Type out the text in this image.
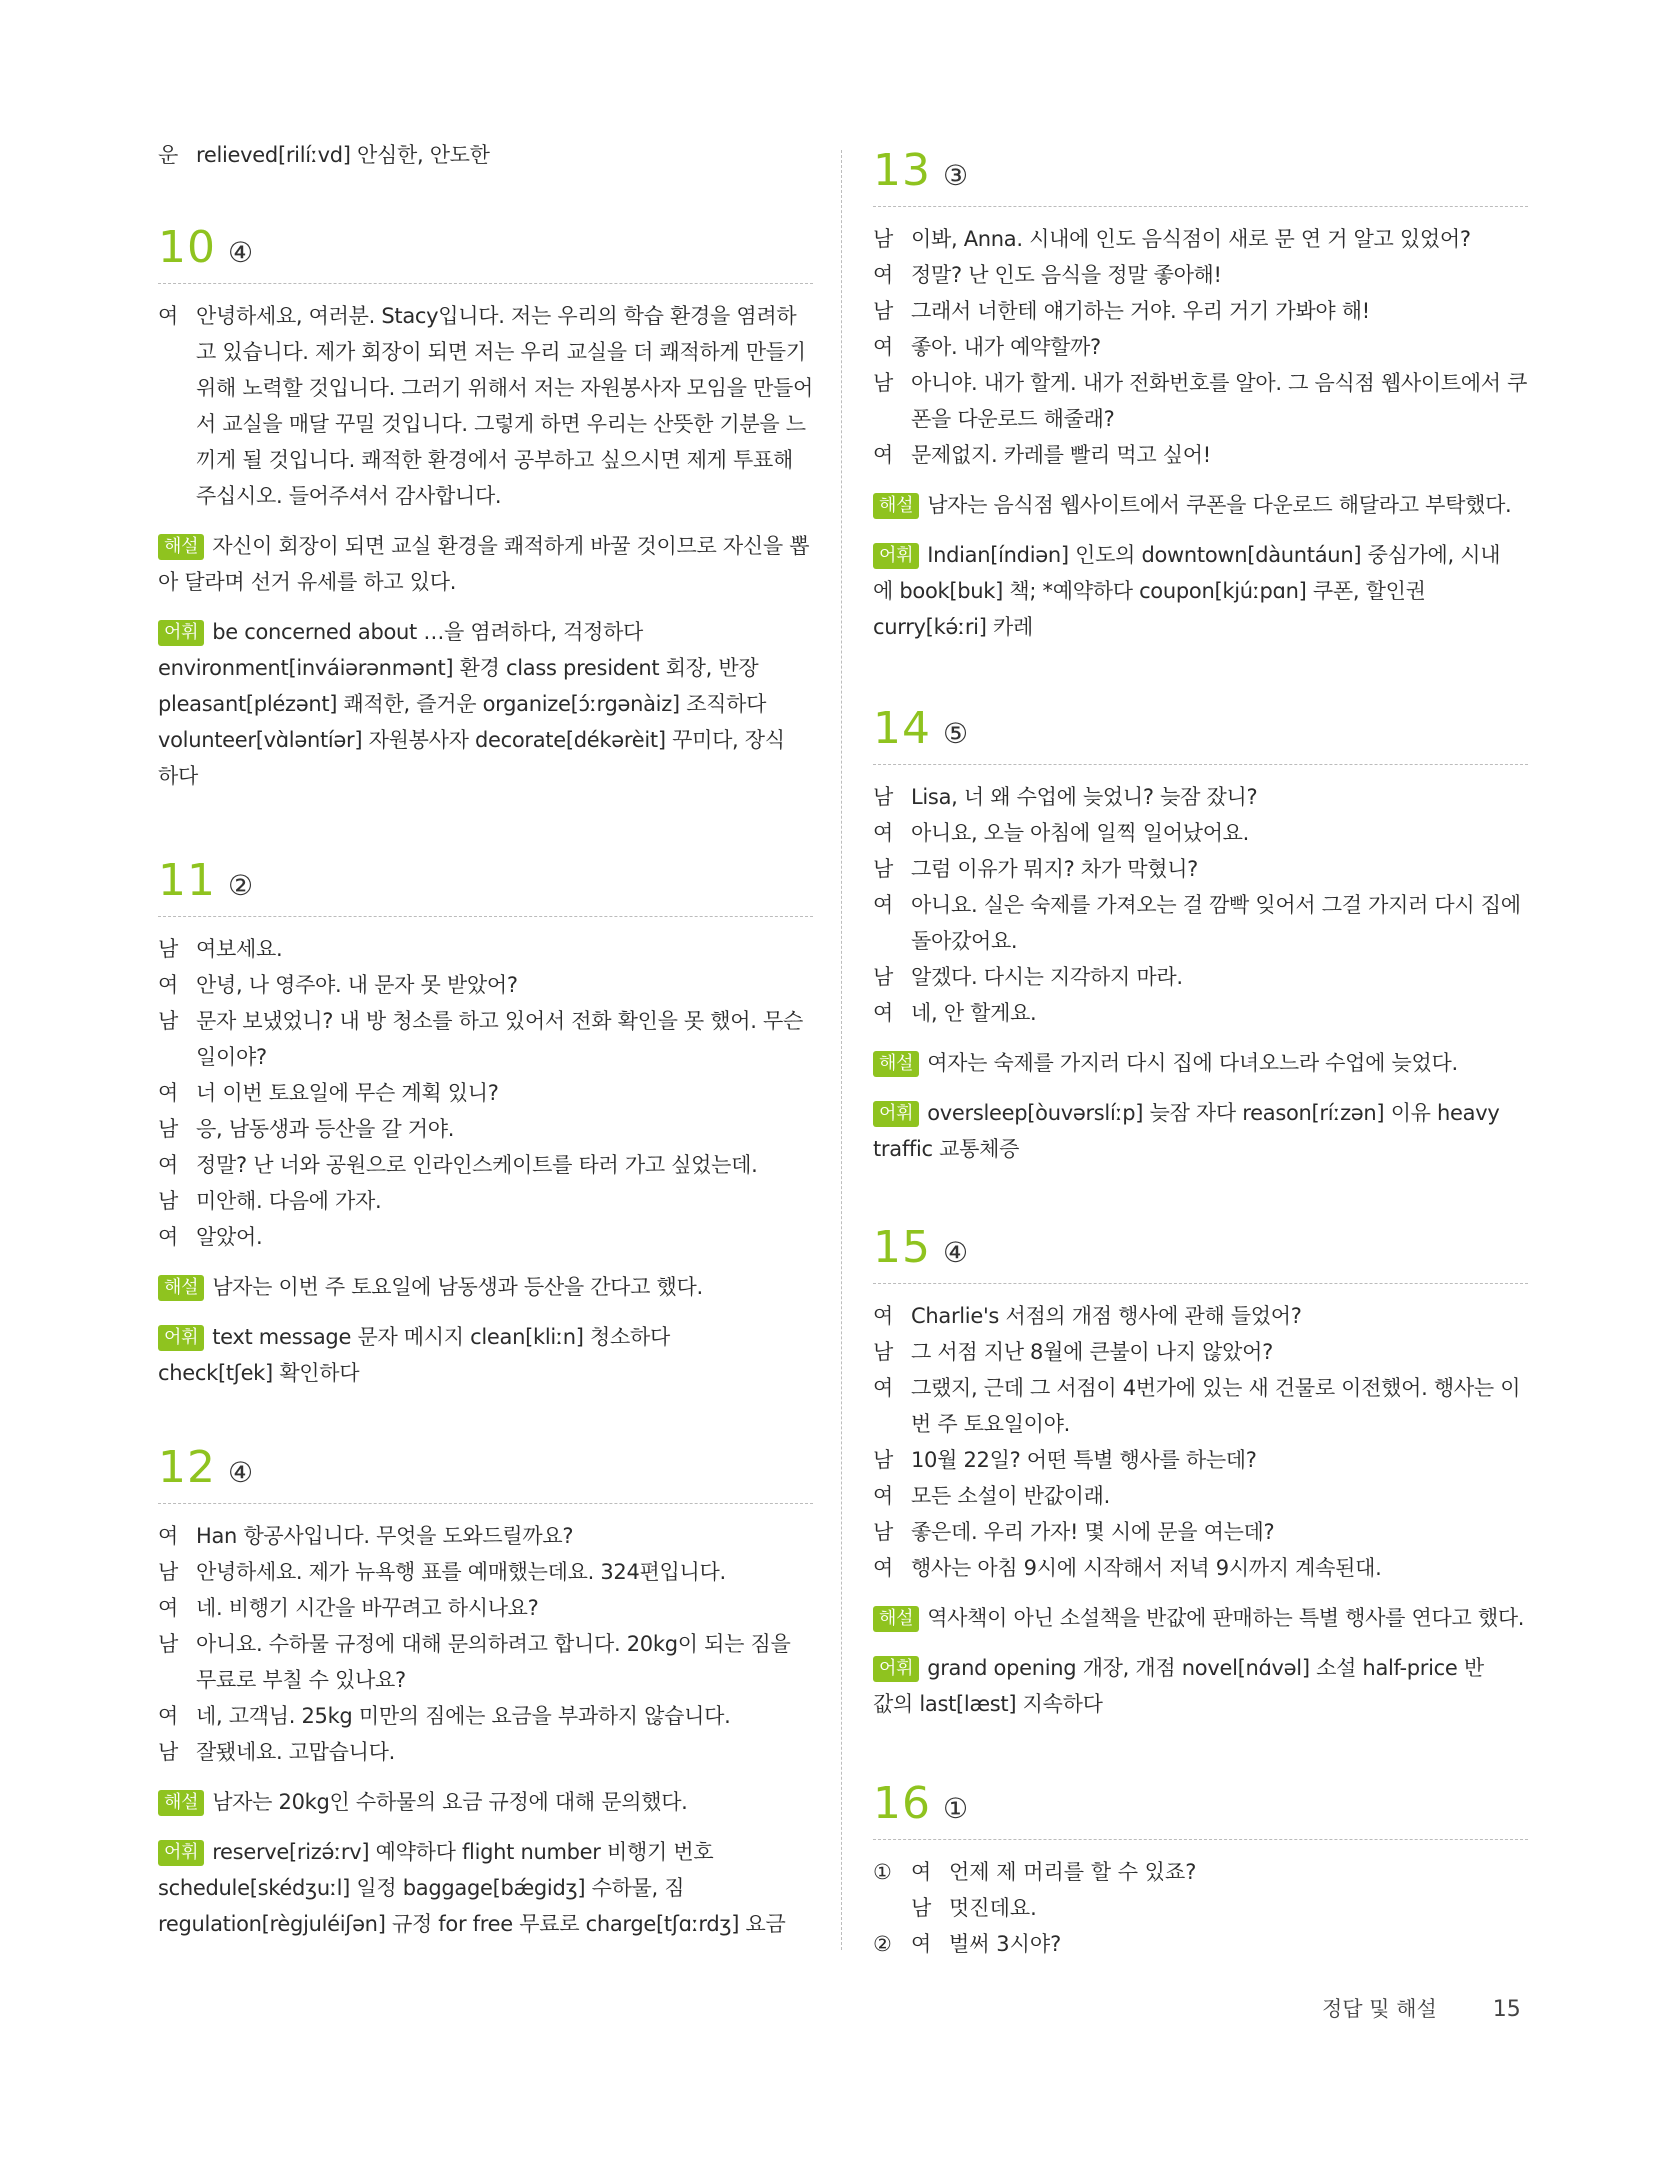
운 relieved[rilíːvd] 안심한, 안도한
10 ④
여 안녕하세요, 여러분. Stacy입니다. 저는 우리의 학습 환경을 염려하
고 있습니다. 제가 회장이 되면 저는 우리 교실을 더 쾌적하게 만들기
위해 노력할 것입니다. 그러기 위해서 저는 자원봉사자 모임을 만들어
서 교실을 매달 꾸밀 것입니다. 그렇게 하면 우리는 산뜻한 기분을 느
끼게 될 것입니다. 쾌적한 환경에서 공부하고 싶으시면 제게 투표해
주십시오. 들어주셔서 감사합니다.
해설 자신이 회장이 되면 교실 환경을 쾌적하게 바꿀 것이므로 자신을 뽑
아 달라며 선거 유세를 하고 있다.
어휘 be concerned about …을 염려하다, 걱정하다
environment[inváiərənmənt] 환경 class president 회장, 반장
pleasant[plézənt] 쾌적한, 즐거운 organize[ɔ́ːrgənàiz] 조직하다
volunteer[vɑ̀ləntíər] 자원봉사자 decorate[dékərèit] 꾸미다, 장식
하다
11 ②
남 여보세요.
여 안녕, 나 영주야. 내 문자 못 받았어?
남 문자 보냈었니? 내 방 청소를 하고 있어서 전화 확인을 못 했어. 무슨
일이야?
여 너 이번 토요일에 무슨 계획 있니?
남 응, 남동생과 등산을 갈 거야.
여 정말? 난 너와 공원으로 인라인스케이트를 타러 가고 싶었는데.
남 미안해. 다음에 가자.
여 알았어.
해설 남자는 이번 주 토요일에 남동생과 등산을 간다고 했다.
어휘 text message 문자 메시지 clean[kliːn] 청소하다
check[tʃek] 확인하다
12 ④
여 Han 항공사입니다. 무엇을 도와드릴까요?
남 안녕하세요. 제가 뉴욕행 표를 예매했는데요. 324편입니다.
여 네. 비행기 시간을 바꾸려고 하시나요?
남 아니요. 수하물 규정에 대해 문의하려고 합니다. 20kg이 되는 짐을
무료로 부칠 수 있나요?
여 네, 고객님. 25kg 미만의 짐에는 요금을 부과하지 않습니다.
남 잘됐네요. 고맙습니다.
해설 남자는 20kg인 수하물의 요금 규정에 대해 문의했다.
어휘 reserve[rizə́ːrv] 예약하다 flight number 비행기 번호
schedule[skédʒuːl] 일정 baggage[bǽgidʒ] 수하물, 짐
regulation[règjuléiʃən] 규정 for free 무료로 charge[tʃɑːrdʒ] 요금
13 ③
남 이봐, Anna. 시내에 인도 음식점이 새로 문 연 거 알고 있었어?
여 정말? 난 인도 음식을 정말 좋아해!
남 그래서 너한테 얘기하는 거야. 우리 거기 가봐야 해!
여 좋아. 내가 예약할까?
남 아니야. 내가 할게. 내가 전화번호를 알아. 그 음식점 웹사이트에서 쿠
폰을 다운로드 해줄래?
여 문제없지. 카레를 빨리 먹고 싶어!
해설 남자는 음식점 웹사이트에서 쿠폰을 다운로드 해달라고 부탁했다.
어휘 Indian[índiən] 인도의 downtown[dàuntáun] 중심가에, 시내
에 book[buk] 책; *예약하다 coupon[kjúːpɑn] 쿠폰, 할인권
curry[kə́ːri] 카레
14 ⑤
남 Lisa, 너 왜 수업에 늦었니? 늦잠 잤니?
여 아니요, 오늘 아침에 일찍 일어났어요.
남 그럼 이유가 뭐지? 차가 막혔니?
여 아니요. 실은 숙제를 가져오는 걸 깜빡 잊어서 그걸 가지러 다시 집에
돌아갔어요.
남 알겠다. 다시는 지각하지 마라.
여 네, 안 할게요.
해설 여자는 숙제를 가지러 다시 집에 다녀오느라 수업에 늦었다.
어휘 oversleep[òuvərslíːp] 늦잠 자다 reason[ríːzən] 이유 heavy
traffic 교통체증
15 ④
여 Charlie's 서점의 개점 행사에 관해 들었어?
남 그 서점 지난 8월에 큰불이 나지 않았어?
여 그랬지, 근데 그 서점이 4번가에 있는 새 건물로 이전했어. 행사는 이
번 주 토요일이야.
남 10월 22일? 어떤 특별 행사를 하는데?
여 모든 소설이 반값이래.
남 좋은데. 우리 가자! 몇 시에 문을 여는데?
여 행사는 아침 9시에 시작해서 저녁 9시까지 계속된대.
해설 역사책이 아닌 소설책을 반값에 판매하는 특별 행사를 연다고 했다.
어휘 grand opening 개장, 개점 novel[nɑ́vəl] 소설 half-price 반
값의 last[læst] 지속하다
16 ①
① 여 언제 제 머리를 할 수 있죠?
남 멋진데요.
② 여 벌써 3시야?
정답 및 해설	15
